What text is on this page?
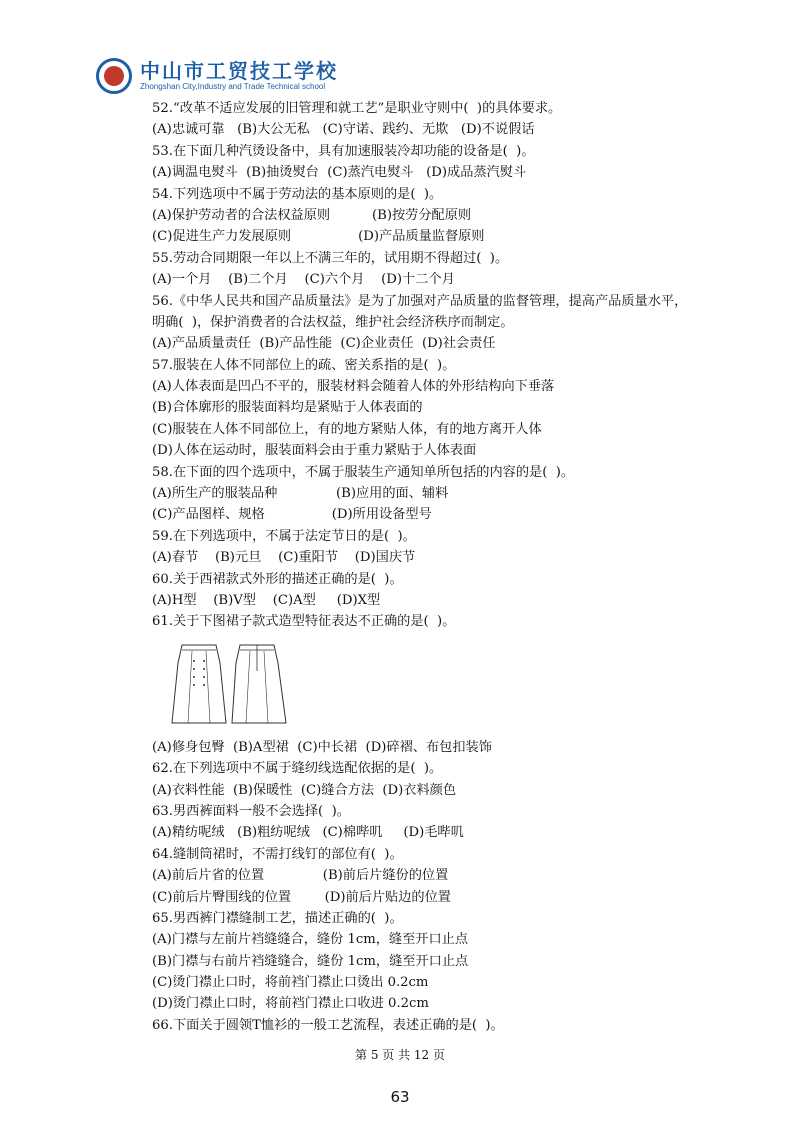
中山市工贸技工学校
Zhongshan City,Industry and Trade Technical school
52.“改革不适应发展的旧管理和就工艺”是职业守则中(  )的具体要求。
(A)忠诚可靠   (B)大公无私   (C)守诺、践约、无欺   (D)不说假话
53.在下面几种汽烫设备中，具有加速服装冷却功能的设备是(  )。
(A)调温电熨斗  (B)抽烫熨台  (C)蒸汽电熨斗   (D)成品蒸汽熨斗
54.下列选项中不属于劳动法的基本原则的是(  )。
(A)保护劳动者的合法权益原则          (B)按劳分配原则
(C)促进生产力发展原则                (D)产品质量监督原则
55.劳动合同期限一年以上不满三年的，试用期不得超过(  )。
(A)一个月    (B)二个月    (C)六个月    (D)十二个月
56.《中华人民共和国产品质量法》是为了加强对产品质量的监督管理，提高产品质量水平，
明确(  )，保护消费者的合法权益，维护社会经济秩序而制定。
(A)产品质量责任  (B)产品性能  (C)企业责任  (D)社会责任
57.服装在人体不同部位上的疏、密关系指的是(  )。
(A)人体表面是凹凸不平的，服装材料会随着人体的外形结构向下垂落
(B)合体廓形的服装面料均是紧贴于人体表面的
(C)服装在人体不同部位上，有的地方紧贴人体，有的地方离开人体
(D)人体在运动时，服装面料会由于重力紧贴于人体表面
58.在下面的四个选项中，不属于服装生产通知单所包括的内容的是(  )。
(A)所生产的服装品种              (B)应用的面、辅料
(C)产品图样、规格                (D)所用设备型号
59.在下列选项中，不属于法定节日的是(  )。
(A)春节    (B)元旦    (C)重阳节    (D)国庆节
60.关于西裙款式外形的描述正确的是(  )。
(A)H型    (B)V型    (C)A型     (D)X型
61.关于下图裙子款式造型特征表达不正确的是(  )。
(A)修身包臀  (B)A型裙  (C)中长裙  (D)碎褶、布包扣装饰
62.在下列选项中不属于缝纫线选配依据的是(  )。
(A)衣料性能  (B)保暖性  (C)缝合方法  (D)衣料颜色
63.男西裤面料一般不会选择(  )。
(A)精纺呢绒   (B)粗纺呢绒   (C)棉哔叽     (D)毛哔叽
64.缝制筒裙时，不需打线钉的部位有(  )。
(A)前后片省的位置              (B)前后片缝份的位置
(C)前后片臀围线的位置        (D)前后片贴边的位置
65.男西裤门襟缝制工艺，描述正确的(  )。
(A)门襟与左前片裆缝缝合，缝份 1cm，缝至开口止点
(B)门襟与右前片裆缝缝合，缝份 1cm，缝至开口止点
(C)烫门襟止口时，将前裆门襟止口烫出 0.2cm
(D)烫门襟止口时，将前裆门襟止口收进 0.2cm
66.下面关于圆领T恤衫的一般工艺流程，表述正确的是(  )。
第 5 页 共 12 页
63
